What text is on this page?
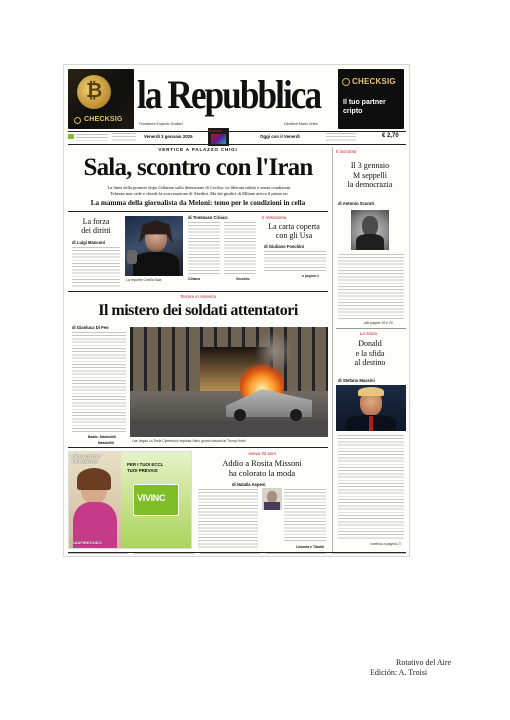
₿
CHECKSIG
la Repubblica	CHECKSIG
Il tuo partner
cripto
Fondatore Eugenio Scalfari	Direttore Mario Orfeo
Venerdì 3 gennaio 2025
Il venerdì
Oggi con il Venerdì	€ 2,70
VERTICE A PALAZZO CHIGI
Sala, scontro con l'Iran
La linea della premier dopo l'allarme sulla detenzione di Cecilia: va liberata subito e senza condizioni
Teheran non cede e chiede la scarcerazione di Abedini. Ma dai giudici di Milano arriva il primo no
La mamma della giornalista da Meloni: temo per le condizioni in cella
La forza
dei diritti
di Luigi Manconi
La reporter Cecilia Sala
di Tommaso Ciriaco
Ciriaco	Vecchio
Il retroscena
La carta coperta
con gli Usa
di Giuliano Foschini
a pagina 4
Il racconto
Il 3 gennaio
M seppellì
la democrazia
di Antonio Scurati
alle pagine 28 e 29
La storia
Donald
e la sfida
al destino
di Stefano Massini
continua a pagina 27
Terrore in America
Il mistero dei soldati attentatori
di Gianluca Di Feo
Basile, Mastrolilli
Mastrolilli	Las Vegas La Tesla Cybertruck esplosa l'altro giorno davanti al Trump Hotel
PRIMI VIVTON
INFLUENZA?
PER I TUOI ECCL
TUOI PREVAIS
VIVINC
SANFIBRONDO
Aveva 93 anni
Addio a Rosita Missoni
ha colorato la moda
di Natalia Aspesi
Limonta e Tibaldi
Rotativo del Aire
Edición: A. Troisi
